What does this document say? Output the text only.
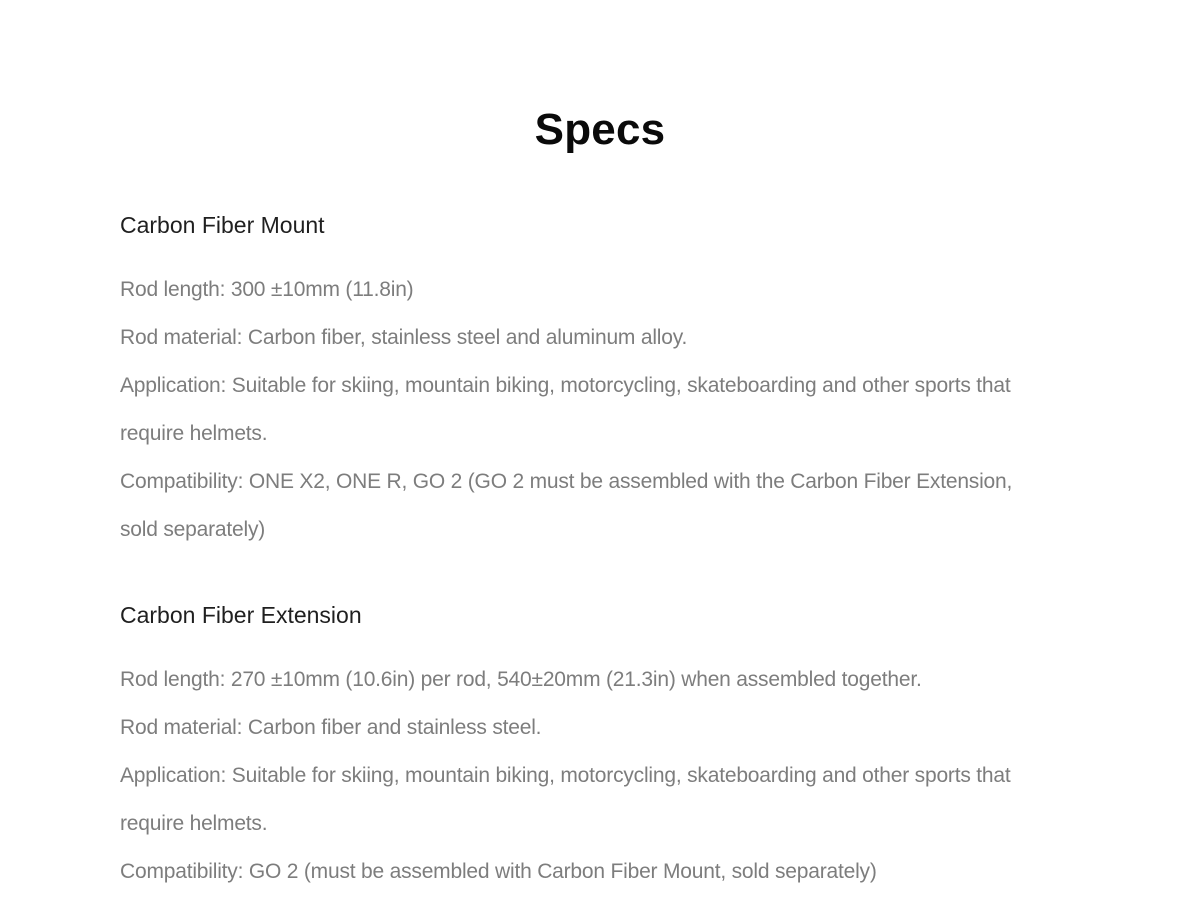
Specs
Carbon Fiber Mount
Rod length: 300 ±10mm (11.8in)
Rod material: Carbon fiber, stainless steel and aluminum alloy.
Application: Suitable for skiing, mountain biking, motorcycling, skateboarding and other sports that require helmets.
Compatibility: ONE X2, ONE R, GO 2 (GO 2 must be assembled with the Carbon Fiber Extension, sold separately)
Carbon Fiber Extension
Rod length: 270 ±10mm (10.6in) per rod, 540±20mm (21.3in) when assembled together.
Rod material: Carbon fiber and stainless steel.
Application: Suitable for skiing, mountain biking, motorcycling, skateboarding and other sports that require helmets.
Compatibility: GO 2 (must be assembled with Carbon Fiber Mount, sold separately)
